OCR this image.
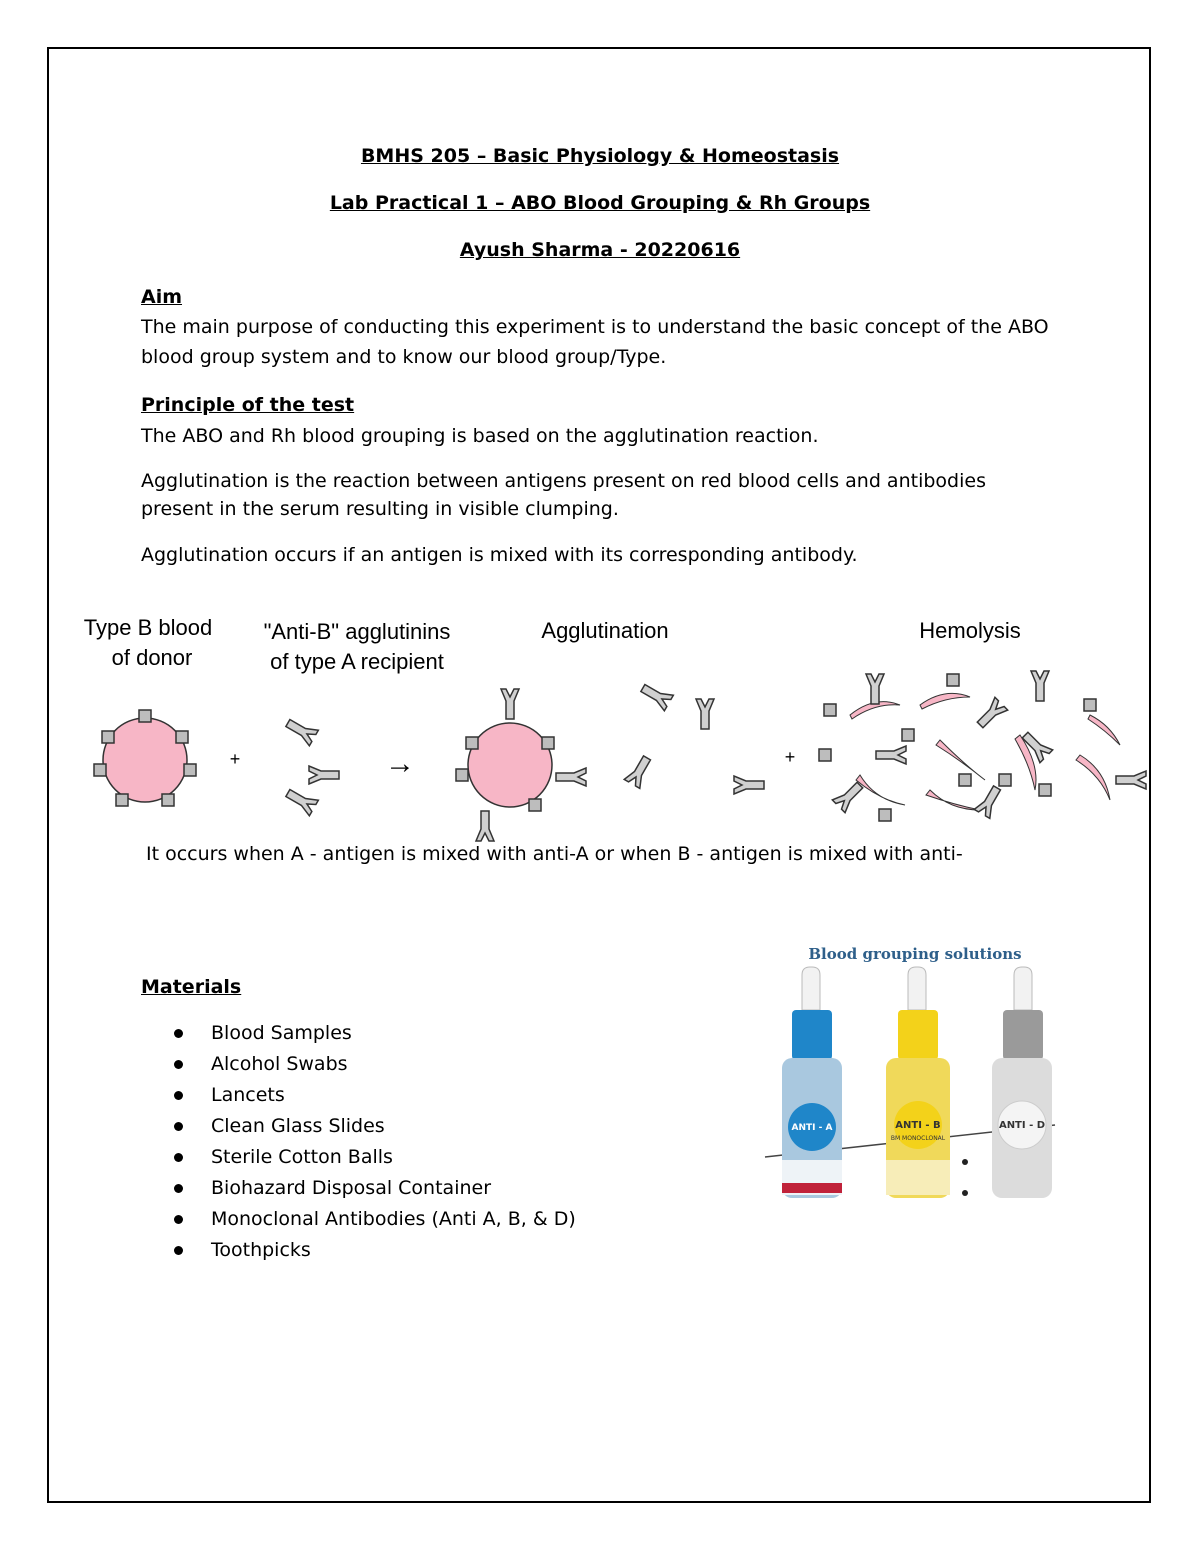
BMHS 205 – Basic Physiology & Homeostasis
Lab Practical 1 – ABO Blood Grouping & Rh Groups
Ayush Sharma - 20220616
Aim
The main purpose of conducting this experiment is to understand the basic concept of the ABO blood group system and to know our blood group/Type.
Principle of the test
The ABO and Rh blood grouping is based on the agglutination reaction.
Agglutination is the reaction between antigens present on red blood cells and antibodies present in the serum resulting in visible clumping.
Agglutination occurs if an antigen is mixed with its corresponding antibody.
Type B blood
of donor
"Anti-B" agglutinins
of type A recipient
Agglutination	Hemolysis
+	→	+
It occurs when A - antigen is mixed with anti-A or when B - antigen is mixed with anti-
Materials
Blood Samples
Alcohol Swabs
Lancets
Clean Glass Slides
Sterile Cotton Balls
Biohazard Disposal Container
Monoclonal Antibodies (Anti A, B, & D)
Toothpicks
Blood grouping solutions
ANTI - A	ANTI - B
BM MONOCLONAL
ANTI - D
